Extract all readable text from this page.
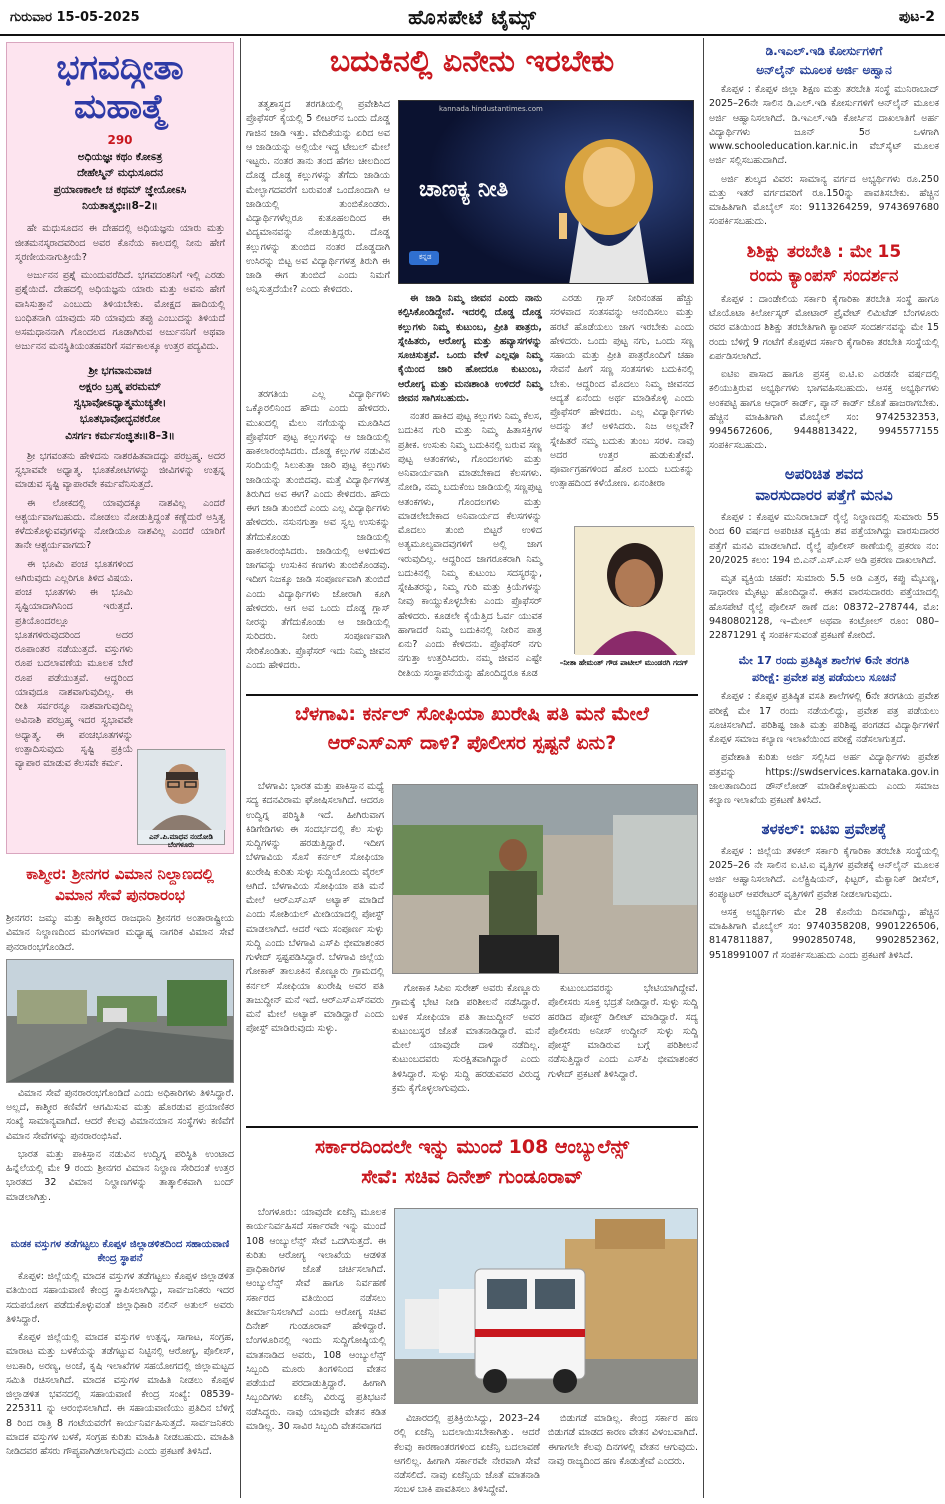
ಗುರುವಾರ 15-05-2025	ಹೊಸಪೇಟೆ ಟೈಮ್ಸ್	ಪುಟ-2
ಭಗವದ್ಗೀತಾ
ಮಹಾತ್ಮೆ
290
ಅಧಿಯಜ್ಞಃ ಕಥಂ ಕೋಽತ್ರ
ದೇಹೇಸ್ಮಿನ್ ಮಧುಸೂದನ
ಪ್ರಯಾಣಕಾಲೇ ಚ ಕಥಮ್ ಜ್ಞೇಯೋಽಸಿ
ನಿಯತಾತ್ಮಭಿಃ॥8–2॥

ಹೇ ಮಧುಸೂದನ ಈ ದೇಹದಲ್ಲಿ ಅಧಿಯಜ್ಞನು ಯಾರು ಮತ್ತು ಜೀತಮನಸ್ಕರಾದವರಿಂದ ಅವರ ಕೊನೆಯ ಕಾಲದಲ್ಲಿ ನೀನು ಹೇಗೆ ಸ್ಮರಣೀಯನಾಗುತ್ತೀಯೆ?

ಅರ್ಜುನನ ಪ್ರಶ್ನೆ ಮುಂದುವರೆದಿದೆ. ಭಗವದಂಶನಿಗೆ ಇಲ್ಲಿ ಎರಡು ಪ್ರಶ್ನೆಯಿದೆ. ದೇಹದಲ್ಲಿ ಅಧಿಯಜ್ಞನು ಯಾರು ಮತ್ತು ಅವನು ಹೇಗೆ ವಾಸಿಸುತ್ತಾನೆ ಎಂಬುದು ತಿಳಿಯಬೇಕು. ಮೋಕ್ಷದ ಹಾದಿಯಲ್ಲಿ ಬಂಧಿತನಾಗಿ ಯಾವುದು ಸರಿ ಯಾವುದು ತಪ್ಪು ಎಂಬುದನ್ನು ತಿಳಿಯದೆ ಅಸಮಧಾನನಾಗಿ ಗೊಂದಲದ ಗೂಡಾಗಿರುವ ಅರ್ಜುನನಿಗೆ ಅಥವಾ ಅರ್ಜುನನ ಮನಸ್ಥಿತಿಯಂತಹವರಿಗೆ ಸರ್ವಕಾಲಕ್ಕೂ ಉತ್ತರ ಪದ್ಯವಿದು.

ಶ್ರೀ ಭಗವಾನುವಾಚ
ಅಕ್ಷರಂ ಬ್ರಹ್ಮ ಪರಮಮ್
ಸ್ವಭಾವೋಽಧ್ಯಾತ್ಮಮುಚ್ಯತೇ।
ಭೂತಭಾವೋದ್ಭವಕರೋ
ವಿಸರ್ಗಃ ಕರ್ಮಸಂಜ್ಞಿತಃ॥8–3॥

ಶ್ರೀ ಭಗವಂತನು ಹೇಳಿದನು ನಾಶರಹಿತವಾದದ್ದು ಪರಬ್ರಹ್ಮ. ಅದರ ಸ್ವಭಾವವೇ ಅಧ್ಯಾತ್ಮ. ಭೂತಕೋಟಿಗಳನ್ನು ಜೀವಿಗಳನ್ನು ಉತ್ಪನ್ನ ಮಾಡುವ ಸೃಷ್ಟಿ ವ್ಯಾಪಾರವೇ ಕರ್ಮವೆನಿಸುತ್ತದೆ.

ಈ ಲೋಕದಲ್ಲಿ ಯಾವುದಕ್ಕೂ ನಾಶವಿಲ್ಲ ಎಂದರೆ ಆಶ್ಚರ್ಯವಾಗಬಹುದು. ನೋಡಲು ನೋಡುತ್ತಿದ್ದಂತೆ ಕಣ್ಣೆದುರೆ ಅಸ್ತಿತ್ವ ಕಳೆದುಕೊಳ್ಳುವವುಗಳನ್ನು ನೋಡಿಯೂ ನಾಶವಿಲ್ಲ ಎಂದರೆ ಯಾರಿಗೆ ತಾನೇ ಆಶ್ಚರ್ಯವಾಗದು?

ಈ ಭೂಮಿ ಪಂಚ ಭೂತಗಳಿಂದ ಆಗಿರುವುದು ಎಲ್ಲರಿಗೂ ತಿಳಿದ ವಿಷಯ. ಪಂಚ ಭೂತಗಳು ಈ ಭೂಮಿ ಸೃಷ್ಟಿಯಾದಾಗಿನಿಂದ ಇರುತ್ತದೆ. ಪ್ರತಿಯೊಂದರಲ್ಲೂ ಭೂತಗಳಿರುವುದರಿಂದ ಅದರ ರೂಪಾಂತರ ನಡೆಯುತ್ತದೆ. ವಸ್ತುಗಳು ರೂಪ ಬದಲಾವಣೆಯ ಮೂಲಕ ಬೇರೆ ರೂಪ ಪಡೆಯುತ್ತವೆ. ಆದ್ದರಿಂದ ಯಾವುದೂ ನಾಶವಾಗುವುದಿಲ್ಲ. ಈ ರೀತಿ ಸರ್ವರನ್ನೂ ನಾಶವಾಗುವುದಿಲ್ಲ ಅವಿನಾಶಿ ಪರಬ್ರಹ್ಮ ಇದರ ಸ್ವಭಾವವೇ ಅಧ್ಯಾತ್ಮ. ಈ ಪಂಚಭೂತಗಳನ್ನು ಉತ್ಪಾದಿಸುವುದು ಸೃಷ್ಟಿ ಪ್ರಕ್ರಿಯೆ ವ್ಯಾಪಾರ ಮಾಡುವ ಕೆಲಸವೇ ಕರ್ಮ.

ಎನ್.ಪಿ.ಮಾಧವ ನಂದೋಡಿ ಬೆಂಗಳೂರು
ಕಾಶ್ಮೀರ: ಶ್ರೀನಗರ ವಿಮಾನ ನಿಲ್ದಾಣದಲ್ಲಿ
ವಿಮಾನ ಸೇವೆ ಪುನರಾರಂಭ

ಶ್ರೀನಗರ: ಜಮ್ಮು ಮತ್ತು ಕಾಶ್ಮೀರದ ರಾಜಧಾನಿ ಶ್ರೀನಗರ ಅಂತಾರಾಷ್ಟ್ರೀಯ ವಿಮಾನ ನಿಲ್ದಾಣದಿಂದ ಮಂಗಳವಾರ ಮಧ್ಯಾಹ್ನ ನಾಗರಿಕ ವಿಮಾನ ಸೇವೆ ಪುನರಾರಂಭಗೊಂಡಿದೆ.

ವಿಮಾನ ಸೇವೆ ಪುನರಾರಂಭಗೊಂಡಿದೆ ಎಂದು ಅಧಿಕಾರಿಗಳು ತಿಳಿಸಿದ್ದಾರೆ. ಅಲ್ಲದೆ, ಕಾಶ್ಮೀರ ಕಣಿವೆಗೆ ಆಗಮಿಸುವ ಮತ್ತು ಹೊರಡುವ ಪ್ರಯಾಣಿಕರ ಸಂಖ್ಯೆ ಸಾಮಾನ್ಯವಾಗಿದೆ. ಆದರೆ ಕೆಲವು ವಿಮಾನಯಾನ ಸಂಸ್ಥೆಗಳು ಕಣಿವೆಗೆ ವಿಮಾನ ಸೇವೆಗಳನ್ನು ಪುನರಾರಂಭಿಸಿವೆ.

ಭಾರತ ಮತ್ತು ಪಾಕಿಸ್ತಾನ ನಡುವಿನ ಉದ್ವಿಗ್ನ ಪರಿಸ್ಥಿತಿ ಉಂಟಾದ ಹಿನ್ನೆಲೆಯಲ್ಲಿ ಮೇ 9 ರಂದು ಶ್ರೀನಗರ ವಿಮಾನ ನಿಲ್ದಾಣ ಸೇರಿದಂತೆ ಉತ್ತರ ಭಾರತದ 32 ವಿಮಾನ ನಿಲ್ದಾಣಗಳನ್ನು ತಾತ್ಕಾಲಿಕವಾಗಿ ಬಂದ್ ಮಾಡಲಾಗಿತ್ತು.

ಮಡಕ ವಸ್ತುಗಳ ತಡೆಗಟ್ಟಲು ಕೊಪ್ಪಳ ಜಿಲ್ಲಾಡಳಿತದಿಂದ ಸಹಾಯವಾಣಿ ಕೇಂದ್ರ ಸ್ಥಾಪನೆ

ಕೊಪ್ಪಳ: ಜಿಲ್ಲೆಯಲ್ಲಿ ಮಾದಕ ವಸ್ತುಗಳ ತಡೆಗಟ್ಟಲು ಕೊಪ್ಪಳ ಜಿಲ್ಲಾಡಳಿತ ವತಿಯಿಂದ ಸಹಾಯವಾಣಿ ಕೇಂದ್ರ ಸ್ಥಾಪಿಸಲಾಗಿದ್ದು, ಸಾರ್ವಜನಿಕರು ಇದರ ಸದುಪಯೋಗ ಪಡೆದುಕೊಳ್ಳುವಂತೆ ಜಿಲ್ಲಾಧಿಕಾರಿ ನಲಿನ್ ಅತುಲ್ ಅವರು ತಿಳಿಸಿದ್ದಾರೆ.

ಕೊಪ್ಪಳ ಜಿಲ್ಲೆಯಲ್ಲಿ ಮಾದಕ ವಸ್ತುಗಳ ಉತ್ಪನ್ನ, ಸಾಗಾಟ, ಸಂಗ್ರಹ, ಮಾರಾಟ ಮತ್ತು ಬಳಕೆಯನ್ನು ತಡೆಗಟ್ಟುವ ನಿಟ್ಟಿನಲ್ಲಿ ಆರೋಗ್ಯ, ಪೊಲೀಸ್, ಅಬಕಾರಿ, ಅರಣ್ಯ, ಅಂಚೆ, ಕೃಷಿ ಇಲಾಖೆಗಳ ಸಹಯೋಗದಲ್ಲಿ ಜಿಲ್ಲಾಮಟ್ಟದ ಸಮಿತಿ ರಚಿಸಲಾಗಿದೆ. ಮಾದಕ ವಸ್ತುಗಳ ಮಾಹಿತಿ ನೀಡಲು ಕೊಪ್ಪಳ ಜಿಲ್ಲಾಡಳಿತ ಭವನದಲ್ಲಿ ಸಹಾಯವಾಣಿ ಕೇಂದ್ರ ಸಂಖ್ಯೆ: 08539-225311 ನ್ನು ಆರಂಭಿಸಲಾಗಿದೆ. ಈ ಸಹಾಯವಾಣಿಯು ಪ್ರತಿದಿನ ಬೆಳಿಗ್ಗೆ 8 ರಿಂದ ರಾತ್ರಿ 8 ಗಂಟೆಯವರೆಗೆ ಕಾರ್ಯನಿರ್ವಹಿಸುತ್ತದೆ. ಸಾರ್ವಜನಿಕರು ಮಾದಕ ವಸ್ತುಗಳ ಬಳಕೆ, ಸಂಗ್ರಹ ಕುರಿತು ಮಾಹಿತಿ ನೀಡಬಹುದು. ಮಾಹಿತಿ ನೀಡಿದವರ ಹೆಸರು ಗೌಪ್ಯವಾಗಿಡಲಾಗುವುದು ಎಂದು ಪ್ರಕಟಣೆ ತಿಳಿಸಿದೆ.

ಬದುಕಿನಲ್ಲಿ ಏನೇನು ಇರಬೇಕು

ತತ್ವಶಾಸ್ತ್ರದ ತರಗತಿಯಲ್ಲಿ ಪ್ರವೇಶಿಸಿದ ಪ್ರೊಫೆಸರ್ ಕೈಯಲ್ಲಿ 5 ಲೀಟರ್‌ನ ಒಂದು ದೊಡ್ಡ ಗಾಜಿನ ಜಾಡಿ ಇತ್ತು. ವೇದಿಕೆಯನ್ನು ಏರಿದ ಅವ ಆ ಜಾಡಿಯನ್ನು ಅಲ್ಲಿಯೇ ಇದ್ದ ಟೇಬಲ್ ಮೇಲೆ ಇಟ್ಟರು. ನಂತರ ತಾನು ತಂದ ಹೆಗಲ ಚೀಲದಿಂದ ದೊಡ್ಡ ದೊಡ್ಡ ಕಲ್ಲುಗಳನ್ನು ತೆಗೆದು ಜಾಡಿಯ ಮೇಲ್ಭಾಗದವರೆಗೆ ಬರುವಂತೆ ಒಂದೊಂದಾಗಿ ಆ ಜಾಡಿಯಲ್ಲಿ ತುಂಬಿಕೊಂಡರು. ವಿದ್ಯಾರ್ಥಿಗಳೆಲ್ಲರೂ ಕುತೂಹಲದಿಂದ ಈ ವಿದ್ಯಮಾನವನ್ನು ನೋಡುತ್ತಿದ್ದರು. ದೊಡ್ಡ ಕಲ್ಲುಗಳನ್ನು ತುಂಬಿದ ನಂತರ ದೊಡ್ಡದಾಗಿ ಉಸಿರನ್ನು ಬಿಟ್ಟ ಅವ ವಿದ್ಯಾರ್ಥಿಗಳತ್ತ ತಿರುಗಿ ಈ ಜಾಡಿ ಈಗ ತುಂಬಿದೆ ಎಂದು ನಿಮಗೆ ಅನ್ನಿಸುತ್ತದೆಯೇ? ಎಂದು ಕೇಳಿದರು.

kannada.hindustantimes.com
ಚಾಣಕ್ಯ ನೀತಿ
ಕನ್ನಡ

ಈ ಜಾಡಿ ನಿಮ್ಮ ಜೀವನ ಎಂದು ನಾನು ಕಲ್ಪಿಸಿಕೊಂಡಿದ್ದೇನೆ. ಇದರಲ್ಲಿ ದೊಡ್ಡ ದೊಡ್ಡ ಕಲ್ಲುಗಳು ನಿಮ್ಮ ಕುಟುಂಬ, ಪ್ರೀತಿ ಪಾತ್ರರು, ಸ್ನೇಹಿತರು, ಆರೋಗ್ಯ ಮತ್ತು ಹವ್ಯಾಸಗಳನ್ನು ಸೂಚಿಸುತ್ತವೆ. ಒಂದು ವೇಳೆ ಎಲ್ಲವೂ ನಿಮ್ಮ ಕೈಯಿಂದ ಜಾರಿ ಹೋದರೂ ಕುಟುಂಬ, ಆರೋಗ್ಯ ಮತ್ತು ಮನಃಶಾಂತಿ ಉಳಿದರೆ ನಿಮ್ಮ ಜೀವನ ಸಾಗಿಸಬಹುದು.

ನಂತರ ಹಾಕಿದ ಪುಟ್ಟ ಕಲ್ಲುಗಳು ನಿಮ್ಮ ಕೆಲಸ, ಬದುಕಿನ ಗುರಿ ಮತ್ತು ನಿಮ್ಮ ಹಿತಾಸಕ್ತಿಗಳ ಪ್ರತೀಕ. ಉಸುಕು ನಿಮ್ಮ ಬದುಕಿನಲ್ಲಿ ಬರುವ ಸಣ್ಣ ಪುಟ್ಟ ಆತಂಕಗಳು, ಗೊಂದಲಗಳು ಮತ್ತು ಅನಿವಾರ್ಯವಾಗಿ ಮಾಡಬೇಕಾದ ಕೆಲಸಗಳು. ನೋಡಿ, ನಮ್ಮ ಬದುಕೆಂಬ ಜಾಡಿಯಲ್ಲಿ ಸಣ್ಣಪುಟ್ಟ ಆತಂಕಗಳು, ಗೊಂದಲಗಳು ಮತ್ತು ಮಾಡಲೇಬೇಕಾದ ಅನಿವಾರ್ಯದ ಕೆಲಸಗಳನ್ನು ಮೊದಲು ತುಂಬಿ ಬಿಟ್ಟರೆ ಉಳಿದ ಅತ್ಯಮೂಲ್ಯವಾದವುಗಳಿಗೆ ಅಲ್ಲಿ ಜಾಗ ಇರುವುದಿಲ್ಲ. ಆದ್ದರಿಂದ ಜಾಗರೂಕರಾಗಿ ನಿಮ್ಮ ಬದುಕಿನಲ್ಲಿ ನಿಮ್ಮ ಕುಟುಂಬ ಸದಸ್ಯರನ್ನು, ಸ್ನೇಹಿತರನ್ನು, ನಿಮ್ಮ ಗುರಿ ಮತ್ತು ಕ್ರಿಯೆಗಳನ್ನು ನೀವು ಕಾಯ್ದುಕೊಳ್ಳಬೇಕು ಎಂದು ಪ್ರೊಫೆಸರ್ ಹೇಳಿದರು. ಕೂಡಲೇ ಕೈಯೆತ್ತಿದ ಓರ್ವ ಯುವಕ ಹಾಗಾದರೆ ನಿಮ್ಮ ಬದುಕಿನಲ್ಲಿ ನೀರಿನ ಪಾತ್ರ ಏನು? ಎಂದು ಕೇಳಿದನು. ಪ್ರೊಫೆಸರ್ ನಗು ನಗುತ್ತಾ ಉತ್ತರಿಸಿದರು. ನಮ್ಮ ಜೀವನ ಎಷ್ಟೇ ರೀತಿಯ ಸಂಸ್ಥಾಪನೆಯನ್ನು ಹೊಂದಿದ್ದರೂ ಕೂಡ

ಎರಡು ಗ್ಲಾಸ್ ನೀರಿನಂತಹ ಹೆಚ್ಚು ಸರಳವಾದ ಸಂತಸವನ್ನು ಆನಂದಿಸಲು ಮತ್ತು ಹರಟೆ ಹೊಡೆಯಲು ಜಾಗ ಇರಬೇಕು ಎಂದು ಹೇಳಿದರು. ಒಂದು ಪುಟ್ಟ ನಗು, ಒಂದು ಸಣ್ಣ ಸಹಾಯ ಮತ್ತು ಪ್ರೀತಿ ಪಾತ್ರರೊಂದಿಗೆ ಚಹಾ ಸೇವನೆ ಹೀಗೆ ಸಣ್ಣ ಸಂತಸಗಳು ಬದುಕಿನಲ್ಲಿ ಬೇಕು. ಆದ್ದರಿಂದ ಮೊದಲು ನಿಮ್ಮ ಜೀವನದ ಆದ್ಯತೆ ಏನೆಂದು ಅರ್ಥ ಮಾಡಿಕೊಳ್ಳಿ ಎಂದು ಪ್ರೊಫೆಸರ್ ಹೇಳಿದರು. ಎಲ್ಲ ವಿದ್ಯಾರ್ಥಿಗಳು ಅದನ್ನು ತಲೆ ಅಳಿಸಿದರು. ನಿಜ ಅಲ್ಲವೇ? ಸ್ನೇಹಿತರೆ ನಮ್ಮ ಬದುಕು ತುಂಬ ಸರಳ. ನಾವು ಅದರ ಉತ್ತರ ಹುಡುಕುತ್ತೇವೆ. ಪೂರ್ವಾಗ್ರಹಗಳಿಂದ ಹೊರ ಬಂದು ಬದುಕನ್ನು ಉತ್ಸಾಹದಿಂದ ಕಳೆಯೋಣ. ಏನಂತೀರಾ

ತರಗತಿಯ ಎಲ್ಲ ವಿದ್ಯಾರ್ಥಿಗಳು ಒಕ್ಕೊರಲಿನಿಂದ ಹೌದು ಎಂದು ಹೇಳಿದರು. ಮುಖದಲ್ಲಿ ಮೆಲು ನಗೆಯನ್ನು ಮೂಡಿಸಿದ ಪ್ರೊಫೆಸರ್ ಪುಟ್ಟ ಕಲ್ಲುಗಳನ್ನು ಆ ಜಾಡಿಯಲ್ಲಿ ಹಾಕಲಾರಂಭಿಸಿದರು. ದೊಡ್ಡ ಕಲ್ಲುಗಳ ನಡುವಿನ ಸಂದಿಯಲ್ಲಿ ಸಿಲುಕುತ್ತಾ ಜಾರಿ ಪುಟ್ಟ ಕಲ್ಲುಗಳು ಜಾಡಿಯನ್ನು ತುಂಬಿದವು. ಮತ್ತೆ ವಿದ್ಯಾರ್ಥಿಗಳತ್ತ ತಿರುಗಿದ ಅವ ಈಗ? ಎಂದು ಕೇಳಿದರು. ಹೌದು ಈಗ ಜಾಡಿ ತುಂಬಿದೆ ಎಂದು ಎಲ್ಲ ವಿದ್ಯಾರ್ಥಿಗಳು ಹೇಳಿದರು. ನಸುನಗುತ್ತಾ ಅವ ಸ್ವಲ್ಪ ಉಸುಕನ್ನು ತೆಗೆದುಕೊಂಡು ಜಾಡಿಯಲ್ಲಿ ಹಾಕಲಾರಂಭಿಸಿದರು. ಜಾಡಿಯಲ್ಲಿ ಅಳಿದುಳಿದ ಜಾಗವನ್ನು ಉಸುಕಿನ ಕಣಗಳು ತುಂಬಿಕೊಂಡವು. ಇದೀಗ ನಿಜಕ್ಕೂ ಜಾಡಿ ಸಂಪೂರ್ಣವಾಗಿ ತುಂಬಿದೆ ಎಂದು ವಿದ್ಯಾರ್ಥಿಗಳು ಜೋರಾಗಿ ಕೂಗಿ ಹೇಳಿದರು. ಆಗ ಅವ ಒಂದು ದೊಡ್ಡ ಗ್ಲಾಸ್ ನೀರನ್ನು ತೆಗೆದುಕೊಂಡು ಆ ಜಾಡಿಯಲ್ಲಿ ಸುರಿದರು. ನೀರು ಸಂಪೂರ್ಣವಾಗಿ ಸೇರಿಕೊಂಡಿತು. ಪ್ರೊಫೆಸರ್ ಇದು ನಿಮ್ಮ ಜೀವನ ಎಂದು ಹೇಳಿದರು.	–ನೀತಾ ಹೇಮಂತ್ ಗೌಡ ಪಾಟೀಲ್ ಮುಂಡರಗಿ ಗದಗ್
ಬೆಳಗಾವಿ: ಕರ್ನಲ್ ಸೋಫಿಯಾ ಖುರೇಷಿ ಪತಿ ಮನೆ ಮೇಲೆ
ಆರ್‌ಎಸ್‌ಎಸ್ ದಾಳಿ? ಪೊಲೀಸರ ಸ್ಪಷ್ಟನೆ ಏನು?

ಬೆಳಗಾವಿ: ಭಾರತ ಮತ್ತು ಪಾಕಿಸ್ತಾನ ಮಧ್ಯೆ ಸದ್ಯ ಕದನವಿರಾಮ ಘೋಷಿಸಲಾಗಿದೆ. ಆದರೂ ಉದ್ವಿಗ್ನ ಪರಿಸ್ಥಿತಿ ಇದೆ. ಹೀಗಿರುವಾಗ ಕಿಡಿಗೇಡಿಗಳು ಈ ಸಂದರ್ಭದಲ್ಲಿ ಕೆಲ ಸುಳ್ಳು ಸುದ್ದಿಗಳನ್ನು ಹರಡುತ್ತಿದ್ದಾರೆ. ಇದೀಗ ಬೆಳಗಾವಿಯ ಸೊಸೆ ಕರ್ನಲ್ ಸೋಫಿಯಾ ಖುರೇಷಿ ಕುರಿತು ಸುಳ್ಳು ಸುದ್ದಿಯೊಂದು ವೈರಲ್ ಆಗಿದೆ. ಬೆಳಗಾವಿಯ ಸೋಫಿಯಾ ಪತಿ ಮನೆ ಮೇಲೆ ಆರ್‌ಎಸ್‌ಎಸ್ ಅಟ್ಯಾಕ್ ಮಾಡಿದೆ ಎಂದು ಸೋಶಿಯಲ್ ಮೀಡಿಯಾದಲ್ಲಿ ಪೋಸ್ಟ್ ಮಾಡಲಾಗಿದೆ. ಆದರೆ ಇದು ಸಂಪೂರ್ಣ ಸುಳ್ಳು ಸುದ್ದಿ ಎಂದು ಬೆಳಗಾವಿ ಎಸ್‌ಪಿ ಭೀಮಾಶಂಕರ ಗುಳೇದ್ ಸ್ಪಷ್ಟಪಡಿಸಿದ್ದಾರೆ. ಬೆಳಗಾವಿ ಜಿಲ್ಲೆಯ ಗೋಕಾಕ್ ತಾಲೂಕಿನ ಕೊಣ್ಣೂರು ಗ್ರಾಮದಲ್ಲಿ ಕರ್ನಲ್ ಸೋಫಿಯಾ ಖುರೇಷಿ ಅವರ ಪತಿ ತಾಜುದ್ದೀನ್ ಮನೆ ಇದೆ. ಆರ್‌ಎಸ್‌ಎಸ್‌ನವರು ಮನೆ ಮೇಲೆ ಅಟ್ಯಾಕ್ ಮಾಡಿದ್ದಾರೆ ಎಂದು ಪೋಸ್ಟ್ ಮಾಡಿರುವುದು ಸುಳ್ಳು.

ಗೋಕಾಕ ಸಿಪಿಐ ಸುರೇಶ್ ಅವರು ಕೊಣ್ಣೂರು ಗ್ರಾಮಕ್ಕೆ ಭೇಟಿ ನೀಡಿ ಪರಿಶೀಲನೆ ನಡೆಸಿದ್ದಾರೆ. ಬಳಿಕ ಸೋಫಿಯಾ ಪತಿ ತಾಜುದ್ದೀನ್ ಅವರ ಕುಟುಂಬಸ್ಥರ ಜೊತೆ ಮಾತನಾಡಿದ್ದಾರೆ. ಮನೆ ಮೇಲೆ ಯಾವುದೇ ದಾಳಿ ನಡೆದಿಲ್ಲ. ಕುಟುಂಬದವರು ಸುರಕ್ಷಿತವಾಗಿದ್ದಾರೆ ಎಂದು ತಿಳಿಸಿದ್ದಾರೆ. ಸುಳ್ಳು ಸುದ್ದಿ ಹರಡುವವರ ವಿರುದ್ಧ ಕ್ರಮ ಕೈಗೊಳ್ಳಲಾಗುವುದು.

ಕುಟುಂಬದವರನ್ನು ಭೇಟಿಯಾಗಿದ್ದೇವೆ. ಪೊಲೀಸರು ಸೂಕ್ತ ಭದ್ರತೆ ನೀಡಿದ್ದಾರೆ. ಸುಳ್ಳು ಸುದ್ದಿ ಹರಡಿದ ಪೋಸ್ಟ್ ಡಿಲೀಟ್ ಮಾಡಿದ್ದಾರೆ. ಸದ್ಯ ಪೊಲೀಸರು ಅನೀಸ್ ಉದ್ದೀನ್ ಸುಳ್ಳು ಸುದ್ದಿ ಪೋಸ್ಟ್ ಮಾಡಿರುವ ಬಗ್ಗೆ ಪರಿಶೀಲನೆ ನಡೆಸುತ್ತಿದ್ದಾರೆ ಎಂದು ಎಸ್‌ಪಿ ಭೀಮಾಶಂಕರ ಗುಳೇದ್ ಪ್ರಕಟಣೆ ತಿಳಿಸಿದ್ದಾರೆ.

ಸರ್ಕಾರದಿಂದಲೇ ಇನ್ನು ಮುಂದೆ 108 ಆಂಬ್ಯುಲೆನ್ಸ್
ಸೇವೆ: ಸಚಿವ ದಿನೇಶ್ ಗುಂಡೂರಾವ್

ಬೆಂಗಳೂರು: ಯಾವುದೇ ಏಜೆನ್ಸಿ ಮೂಲಕ ಕಾರ್ಯನಿರ್ವಹಿಸದೆ ಸರ್ಕಾರವೇ ಇನ್ನು ಮುಂದೆ 108 ಆಂಬ್ಯುಲೆನ್ಸ್ ಸೇವೆ ಒದಗಿಸುತ್ತದೆ. ಈ ಕುರಿತು ಆರೋಗ್ಯ ಇಲಾಖೆಯ ಆಡಳಿತ ಪ್ರಾಧಿಕಾರಿಗಳ ಜೊತೆ ಚರ್ಚಿಸಲಾಗಿದೆ. ಆಂಬ್ಯುಲೆನ್ಸ್ ಸೇವೆ ಹಾಗೂ ನಿರ್ವಹಣೆ ಸರ್ಕಾರದ ವತಿಯಿಂದ ನಡೆಸಲು ತೀರ್ಮಾನಿಸಲಾಗಿದೆ ಎಂದು ಆರೋಗ್ಯ ಸಚಿವ ದಿನೇಶ್ ಗುಂಡೂರಾವ್ ಹೇಳಿದ್ದಾರೆ. ಬೆಂಗಳೂರಿನಲ್ಲಿ ಇಂದು ಸುದ್ದಿಗೋಷ್ಠಿಯಲ್ಲಿ ಮಾತನಾಡಿದ ಅವರು, 108 ಆಂಬ್ಯುಲೆನ್ಸ್ ಸಿಬ್ಬಂದಿ ಮೂರು ತಿಂಗಳಿನಿಂದ ವೇತನ ಪಡೆಯದೆ ಪರದಾಡುತ್ತಿದ್ದಾರೆ. ಹೀಗಾಗಿ ಸಿಬ್ಬಂದಿಗಳು ಏಜೆನ್ಸಿ ವಿರುದ್ಧ ಪ್ರತಿಭಟನೆ ನಡೆಸಿದ್ದರು. ನಾವು ಯಾವುದೇ ವೇತನ ಕಡಿತ ಮಾಡಿಲ್ಲ. 30 ಸಾವಿರ ಸಿಬ್ಬಂದಿ ವೇತನವಾಗದ

ವಿಚಾರದಲ್ಲಿ ಪ್ರತಿಕ್ರಿಯಿಸಿದ್ದು, 2023–24 ರಲ್ಲಿ ಏಜೆನ್ಸಿ ಬದಲಾಯಿಸಬೇಕಾಗಿತ್ತು. ಆದರೆ ಕೆಲವು ಕಾರಣಾಂತರಗಳಿಂದ ಏಜೆನ್ಸಿ ಬದಲಾವಣೆ ಆಗಲಿಲ್ಲ. ಹೀಗಾಗಿ ಸರ್ಕಾರವೇ ನೇರವಾಗಿ ಸೇವೆ ನಡೆಸಲಿದೆ. ನಾವು ಏಜೆನ್ಸಿಯ ಜೊತೆ ಮಾತನಾಡಿ ಸಂಬಳ ಬಾಕಿ ಪಾವತಿಸಲು ತಿಳಿಸಿದ್ದೇವೆ.

ಬಿಡುಗಡೆ ಮಾಡಿಲ್ಲ. ಕೇಂದ್ರ ಸರ್ಕಾರ ಹಣ ಬಿಡುಗಡೆ ಮಾಡದ ಕಾರಣ ವೇತನ ವಿಳಂಬವಾಗಿದೆ. ಈಗಾಗಲೇ ಕೆಲವು ದಿನಗಳಲ್ಲಿ ವೇತನ ಆಗುವುದು. ನಾವು ರಾಜ್ಯದಿಂದ ಹಣ ಕೊಡುತ್ತೇವೆ ಎಂದರು.

ಡಿ.ಇಎಲ್.ಇಡಿ ಕೋರ್ಸುಗಳಿಗೆ
ಅನ್‌ಲೈನ್ ಮೂಲಕ ಅರ್ಜಿ ಅಹ್ವಾನ

ಕೊಪ್ಪಳ : ಕೊಪ್ಪಳ ಜಿಲ್ಲಾ ಶಿಕ್ಷಣ ಮತ್ತು ತರಬೇತಿ ಸಂಸ್ಥೆ ಮುನಿರಾಬಾದ್ 2025–26ನೇ ಸಾಲಿನ ಡಿ.ಎಲ್.ಇಡಿ ಕೋರ್ಸುಗಳಿಗೆ ಆನ್‌ಲೈನ್ ಮೂಲಕ ಅರ್ಜಿ ಆಹ್ವಾನಿಸಲಾಗಿದೆ. ಡಿ.ಇಎಲ್.ಇಡಿ ಕೋರ್ಸಿನ ದಾಖಲಾತಿಗೆ ಅರ್ಹ ವಿದ್ಯಾರ್ಥಿಗಳು ಜೂನ್ 5ರ ಒಳಗಾಗಿ www.schooleducation.kar.nic.in ವೆಬ್‌ಸೈಟ್ ಮೂಲಕ ಅರ್ಜಿ ಸಲ್ಲಿಸಬಹುದಾಗಿದೆ.

ಅರ್ಜಿ ಶುಲ್ಕದ ವಿವರ: ಸಾಮಾನ್ಯ ವರ್ಗದ ಅಭ್ಯರ್ಥಿಗಳು ರೂ.250 ಮತ್ತು ಇತರೆ ವರ್ಗದವರಿಗೆ ರೂ.150ನ್ನು ಪಾವತಿಸಬೇಕು. ಹೆಚ್ಚಿನ ಮಾಹಿತಿಗಾಗಿ ಮೊಬೈಲ್ ಸಂ: 9113264259, 9743697680 ಸಂಪರ್ಕಿಸಬಹುದು.

ಶಿಶಿಕ್ಷು ತರಬೇತಿ : ಮೇ 15
ರಂದು ಕ್ಯಾಂಪಸ್ ಸಂದರ್ಶನ

ಕೊಪ್ಪಳ : ದಾಂಡೇಲಿಯ ಸರ್ಕಾರಿ ಕೈಗಾರಿಕಾ ತರಬೇತಿ ಸಂಸ್ಥೆ ಹಾಗೂ ಟೊಯೊಟಾ ಕಿರ್ಲೋಸ್ಕರ್ ಮೋಟಾರ್ ಪ್ರೈವೇಟ್ ಲಿಮಿಟೆಡ್ ಬೆಂಗಳೂರು ರವರ ವತಿಯಿಂದ ಶಿಶಿಕ್ಷು ತರಬೇತಿಗಾಗಿ ಕ್ಯಾಂಪಸ್ ಸಂದರ್ಶನವನ್ನು ಮೇ 15 ರಂದು ಬೆಳಿಗ್ಗೆ 9 ಗಂಟೆಗೆ ಕೊಪ್ಪಳದ ಸರ್ಕಾರಿ ಕೈಗಾರಿಕಾ ತರಬೇತಿ ಸಂಸ್ಥೆಯಲ್ಲಿ ಏರ್ಪಡಿಸಲಾಗಿದೆ.

ಐಟಿಐ ಪಾಸಾದ ಹಾಗೂ ಪ್ರಸಕ್ತ ಐ.ಟಿ.ಐ ಎರಡನೇ ವರ್ಷದಲ್ಲಿ ಕಲಿಯುತ್ತಿರುವ ಅಭ್ಯರ್ಥಿಗಳು ಭಾಗವಹಿಸಬಹುದು. ಆಸಕ್ತ ಅಭ್ಯರ್ಥಿಗಳು ಅಂಕಪಟ್ಟಿ ಹಾಗೂ ಆಧಾರ್ ಕಾರ್ಡ್, ಪ್ಯಾನ್ ಕಾರ್ಡ್ ಜೊತೆ ಹಾಜರಾಗಬೇಕು. ಹೆಚ್ಚಿನ ಮಾಹಿತಿಗಾಗಿ ಮೊಬೈಲ್ ಸಂ: 9742532353, 9945672606, 9448813422, 9945577155 ಸಂಪರ್ಕಿಸಬಹುದು.

ಅಪರಿಚಿತ ಶವದ
ವಾರಸುದಾರರ ಪತ್ತೆಗೆ ಮನವಿ

ಕೊಪ್ಪಳ : ಕೊಪ್ಪಳ ಮುನಿರಾಬಾದ್ ರೈಲ್ವೆ ನಿಲ್ದಾಣದಲ್ಲಿ ಸುಮಾರು 55 ರಿಂದ 60 ವರ್ಷದ ಅಪರಿಚಿತ ವ್ಯಕ್ತಿಯ ಶವ ಪತ್ತೆಯಾಗಿದ್ದು ವಾರಸುದಾರರ ಪತ್ತೆಗೆ ಮನವಿ ಮಾಡಲಾಗಿದೆ. ರೈಲ್ವೆ ಪೊಲೀಸ್ ಠಾಣೆಯಲ್ಲಿ ಪ್ರಕರಣ ನಂ: 20/2025 ಕಲಂ: 194 ಬಿ.ಎನ್.ಎಸ್.ಎಸ್ ಅಡಿ ಪ್ರಕರಣ ದಾಖಲಾಗಿದೆ.

ಮೃತ ವ್ಯಕ್ತಿಯ ಚಹರೆ: ಸುಮಾರು 5.5 ಅಡಿ ಎತ್ತರ, ಕಪ್ಪು ಮೈಬಣ್ಣ, ಸಾಧಾರಣ ಮೈಕಟ್ಟು ಹೊಂದಿದ್ದಾನೆ. ಈತನ ವಾರಸುದಾರರು ಪತ್ತೆಯಾದಲ್ಲಿ ಹೊಸಪೇಟೆ ರೈಲ್ವೆ ಪೊಲೀಸ್ ಠಾಣೆ ದೂ: 08372–278744, ಮೊ: 9480802128, ಇ–ಮೇಲ್ ಅಥವಾ ಕಂಟ್ರೋಲ್ ರೂಂ: 080–22871291 ಕ್ಕೆ ಸಂಪರ್ಕಿಸುವಂತೆ ಪ್ರಕಟಣೆ ಕೋರಿದೆ.

ಮೇ 17 ರಂದು ಪ್ರತಿಷ್ಠಿತ ಶಾಲೆಗಳ 6ನೇ ತರಗತಿ
ಪರೀಕ್ಷೆ: ಪ್ರವೇಶ ಪತ್ರ ಪಡೆಯಲು ಸೂಚನೆ

ಕೊಪ್ಪಳ : ಕೊಪ್ಪಳ ಪ್ರತಿಷ್ಠಿತ ವಸತಿ ಶಾಲೆಗಳಲ್ಲಿ 6ನೇ ತರಗತಿಯ ಪ್ರವೇಶ ಪರೀಕ್ಷೆ ಮೇ 17 ರಂದು ನಡೆಯಲಿದ್ದು, ಪ್ರವೇಶ ಪತ್ರ ಪಡೆಯಲು ಸೂಚಿಸಲಾಗಿದೆ. ಪರಿಶಿಷ್ಟ ಜಾತಿ ಮತ್ತು ಪರಿಶಿಷ್ಟ ಪಂಗಡದ ವಿದ್ಯಾರ್ಥಿಗಳಿಗೆ ಕೊಪ್ಪಳ ಸಮಾಜ ಕಲ್ಯಾಣ ಇಲಾಖೆಯಿಂದ ಪರೀಕ್ಷೆ ನಡೆಸಲಾಗುತ್ತದೆ.

ಪ್ರವೇಶಾತಿ ಕುರಿತು ಅರ್ಜಿ ಸಲ್ಲಿಸಿದ ಅರ್ಹ ವಿದ್ಯಾರ್ಥಿಗಳು ಪ್ರವೇಶ ಪತ್ರವನ್ನು https://swdservices.karnataka.gov.in ಜಾಲತಾಣದಿಂದ ಡೌನ್‌ಲೋಡ್ ಮಾಡಿಕೊಳ್ಳಬಹುದು ಎಂದು ಸಮಾಜ ಕಲ್ಯಾಣ ಇಲಾಖೆಯ ಪ್ರಕಟಣೆ ತಿಳಿಸಿದೆ.

ತಳಕಲ್: ಐಟಿಐ ಪ್ರವೇಶಕ್ಕೆ

ಕೊಪ್ಪಳ : ಜಿಲ್ಲೆಯ ತಳಕಲ್ ಸರ್ಕಾರಿ ಕೈಗಾರಿಕಾ ತರಬೇತಿ ಸಂಸ್ಥೆಯಲ್ಲಿ 2025–26 ನೇ ಸಾಲಿನ ಐ.ಟಿ.ಐ ವೃತ್ತಿಗಳ ಪ್ರವೇಶಕ್ಕೆ ಆನ್‌ಲೈನ್ ಮೂಲಕ ಅರ್ಜಿ ಆಹ್ವಾನಿಸಲಾಗಿದೆ. ಎಲೆಕ್ಟ್ರಿಷಿಯನ್, ಫಿಟ್ಟರ್, ಮೆಕ್ಯಾನಿಕ್ ಡೀಸೆಲ್, ಕಂಪ್ಯೂಟರ್ ಆಪರೇಟರ್ ವೃತ್ತಿಗಳಿಗೆ ಪ್ರವೇಶ ನೀಡಲಾಗುವುದು.

ಆಸಕ್ತ ಅಭ್ಯರ್ಥಿಗಳು ಮೇ 28 ಕೊನೆಯ ದಿನವಾಗಿದ್ದು, ಹೆಚ್ಚಿನ ಮಾಹಿತಿಗಾಗಿ ಮೊಬೈಲ್ ಸಂ: 9740358208, 9901226506, 8147811887, 9902850748, 9902852362, 9518991007 ಗೆ ಸಂಪರ್ಕಿಸಬಹುದು ಎಂದು ಪ್ರಕಟಣೆ ತಿಳಿಸಿದೆ.
